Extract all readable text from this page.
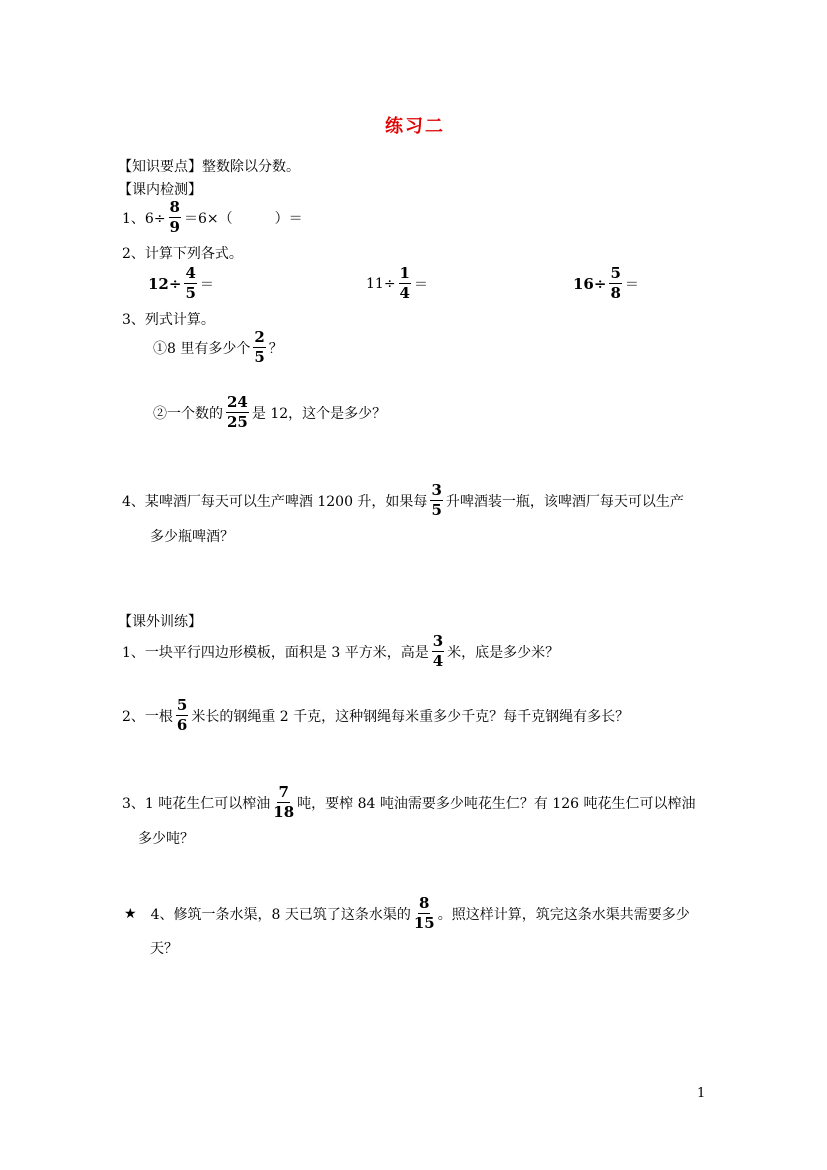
练习二
【知识要点】整数除以分数。
【课内检测】
1、$6\div \frac{8}{9} =6\times$（　　　）＝
2、计算下列各式。
$12\div \frac{4}{5}$ ＝	$11\div \frac{1}{4}$ ＝	$16\div \frac{5}{8}$ ＝
3、列式计算。
①8 里有多少个 $\frac{2}{5}$ ？
②一个数的 $\frac{24}{25}$ 是 12，这个是多少？
4、某啤酒厂每天可以生产啤酒 1200 升，如果每 $\frac{3}{5}$ 升啤酒装一瓶，该啤酒厂每天可以生产
多少瓶啤酒？
【课外训练】
1、一块平行四边形模板，面积是 3 平方米，高是 $\frac{3}{4}$ 米，底是多少米？
2、一根 $\frac{5}{6}$ 米长的钢绳重 2 千克，这种钢绳每米重多少千克？每千克钢绳有多长？
3、1 吨花生仁可以榨油 $\frac{7}{18}$ 吨，要榨 84 吨油需要多少吨花生仁？有 126 吨花生仁可以榨油
多少吨？
★ 4、修筑一条水渠，8 天已筑了这条水渠的 $\frac{8}{15}$ 。照这样计算，筑完这条水渠共需要多少
天？
1
